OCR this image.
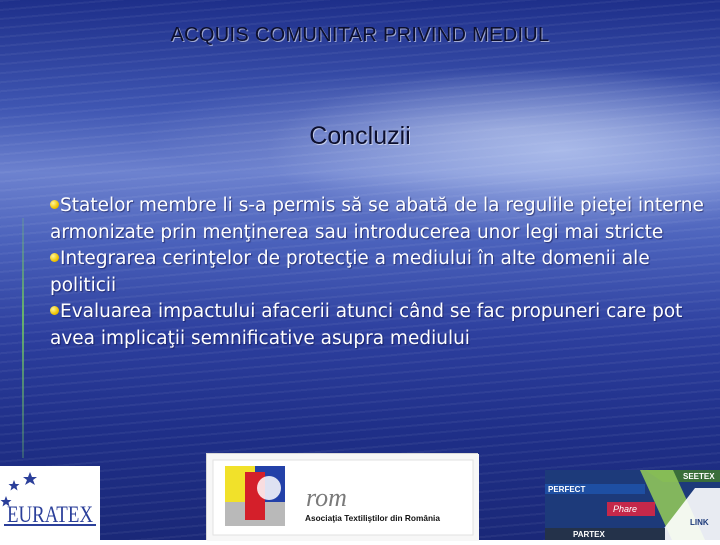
ACQUIS COMUNITAR PRIVIND MEDIUL
Concluzii
Statelor membre li s-a permis să se abată de la regulile pieţei interne armonizate prin menţinerea sau introducerea unor legi mai stricte
Integrarea cerinţelor de protecţie a mediului în alte domenii ale politicii
Evaluarea impactului afacerii atunci când se fac propuneri care pot avea implicaţii semnificative asupra mediului
EURATEX
rom
Asociaţia Textiliştilor din România
SEETEX
PERFECT
Phare
LINK
PARTEX
